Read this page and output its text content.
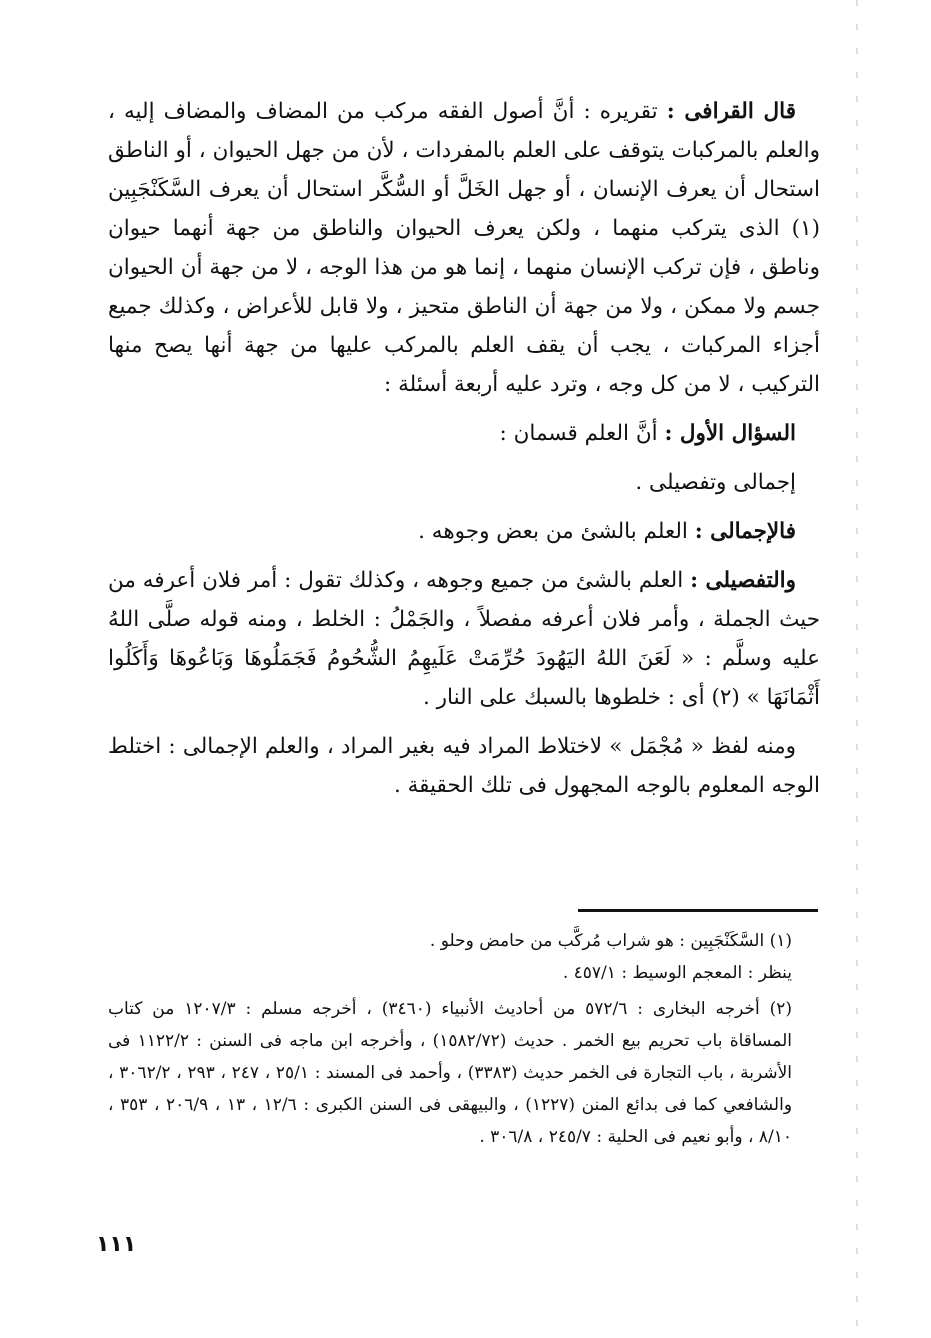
قال القرافى : تقريره : أنَّ أصول الفقه مركب من المضاف والمضاف إليه ، والعلم بالمركبات يتوقف على العلم بالمفردات ، لأن من جهل الحيوان ، أو الناطق استحال أن يعرف الإنسان ، أو جهل الخَلَّ أو السُّكَّر استحال أن يعرف السَّكَنْجَبِين (١) الذى يتركب منهما ، ولكن يعرف الحيوان والناطق من جهة أنهما حيوان وناطق ، فإن تركب الإنسان منهما ، إنما هو من هذا الوجه ، لا من جهة أن الحيوان جسم ولا ممكن ، ولا من جهة أن الناطق متحيز ، ولا قابل للأعراض ، وكذلك جميع أجزاء المركبات ، يجب أن يقف العلم بالمركب عليها من جهة أنها يصح منها التركيب ، لا من كل وجه ، وترد عليه أربعة أسئلة :

السؤال الأول : أنَّ العلم قسمان :

إجمالى وتفصيلى .

فالإجمالى : العلم بالشئ من بعض وجوهه .

والتفصيلى : العلم بالشئ من جميع وجوهه ، وكذلك تقول : أمر فلان أعرفه من حيث الجملة ، وأمر فلان أعرفه مفصلاً ، والجَمْلُ : الخلط ، ومنه قوله صلَّى اللهُ عليه وسلَّم : « لَعَنَ اللهُ اليَهُودَ حُرِّمَتْ عَلَيهِمُ الشُّحُومُ فَجَمَلُوهَا وَبَاعُوهَا وَأَكَلُوا أَثْمَانَهَا » (٢) أى : خلطوها بالسبك على النار .

ومنه لفظ « مُجْمَل » لاختلاط المراد فيه بغير المراد ، والعلم الإجمالى : اختلط الوجه المعلوم بالوجه المجهول فى تلك الحقيقة .

(١) السَّكَنْجَبِين : هو شراب مُركَّب من حامض وحلو .

ينظر : المعجم الوسيط : ٤٥٧/١ .

(٢) أخرجه البخارى : ٥٧٢/٦ من أحاديث الأنبياء (٣٤٦٠) ، أخرجه مسلم : ١٢٠٧/٣ من كتاب المساقاة باب تحريم بيع الخمر . حديث (١٥٨٢/٧٢) ، وأخرجه ابن ماجه فى السنن : ١١٢٢/٢ فى الأشربة ، باب التجارة فى الخمر حديث (٣٣٨٣) ، وأحمد فى المسند : ٢٥/١ ، ٢٤٧ ، ٢٩٣ ، ٣٠٦٢/٢ ، والشافعي كما فى بدائع المنن (١٢٢٧) ، والبيهقى فى السنن الكبرى : ١٢/٦ ، ١٣ ، ٢٠٦/٩ ، ٣٥٣ ، ٨/١٠ ، وأبو نعيم فى الحلية : ٢٤٥/٧ ، ٣٠٦/٨ .

١١١
